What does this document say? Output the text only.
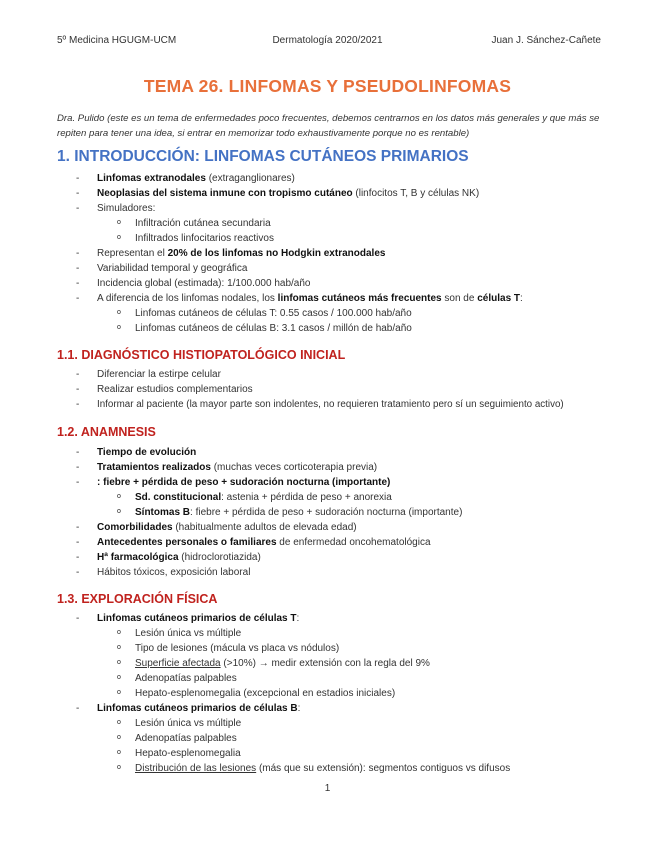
5º Medicina HGUGM-UCM	Dermatología 2020/2021	Juan J. Sánchez-Cañete
TEMA 26. LINFOMAS Y PSEUDOLINFOMAS
Dra. Pulido (este es un tema de enfermedades poco frecuentes, debemos centrarnos en los datos más generales y que más se repiten para tener una idea, si entrar en memorizar todo exhaustivamente porque no es rentable)
1. INTRODUCCIÓN: LINFOMAS CUTÁNEOS PRIMARIOS
- Linfomas extranodales (extraganglionares)
- Neoplasias del sistema inmune con tropismo cutáneo (linfocitos T, B y células NK)
- Simuladores:
o Infiltración cutánea secundaria
o Infiltrados linfocitarios reactivos
- Representan el 20% de los linfomas no Hodgkin extranodales
- Variabilidad temporal y geográfica
- Incidencia global (estimada): 1/100.000 hab/año
- A diferencia de los linfomas nodales, los linfomas cutáneos más frecuentes son de células T:
o Linfomas cutáneos de células T: 0.55 casos / 100.000 hab/año
o Linfomas cutáneos de células B: 3.1 casos / millón de hab/año
1.1. DIAGNÓSTICO HISTIOPATOLÓGICO INICIAL
- Diferenciar la estirpe celular
- Realizar estudios complementarios
- Informar al paciente (la mayor parte son indolentes, no requieren tratamiento pero sí un seguimiento activo)
1.2. ANAMNESIS
- Tiempo de evolución
- Tratamientos realizados (muchas veces corticoterapia previa)
- : fiebre + pérdida de peso + sudoración nocturna (importante)
o Sd. constitucional: astenia + pérdida de peso + anorexia
o Síntomas B: fiebre + pérdida de peso + sudoración nocturna (importante)
- Comorbilidades (habitualmente adultos de elevada edad)
- Antecedentes personales o familiares de enfermedad oncohematológica
- Hª farmacológica (hidroclorotiazida)
- Hábitos tóxicos, exposición laboral
1.3. EXPLORACIÓN FÍSICA
- Linfomas cutáneos primarios de células T:
o Lesión única vs múltiple
o Tipo de lesiones (mácula vs placa vs nódulos)
o Superficie afectada (>10%) → medir extensión con la regla del 9%
o Adenopatías palpables
o Hepato-esplenomegalia (excepcional en estadios iniciales)
- Linfomas cutáneos primarios de células B:
o Lesión única vs múltiple
o Adenopatías palpables
o Hepato-esplenomegalia
o Distribución de las lesiones (más que su extensión): segmentos contiguos vs difusos
1
